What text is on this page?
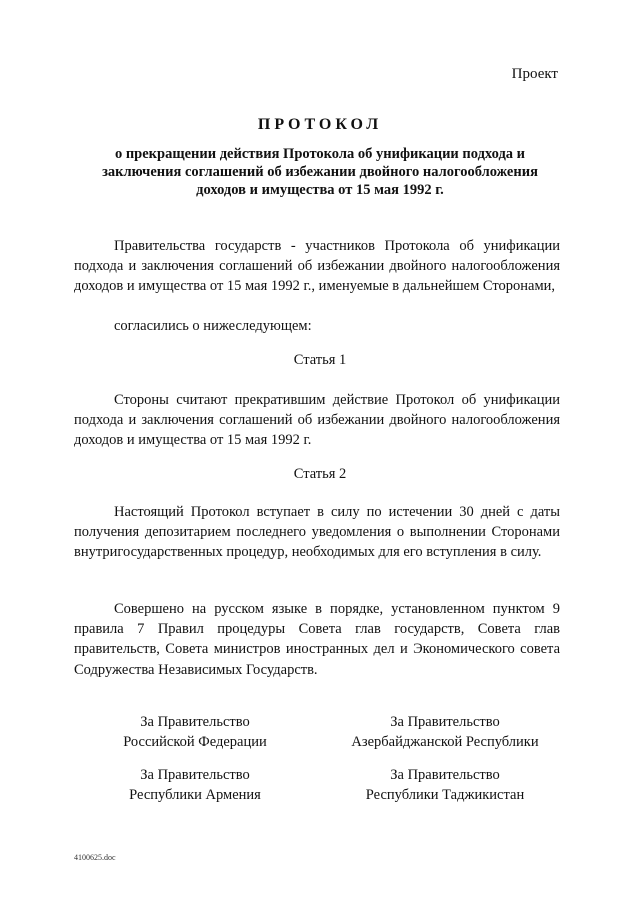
Проект
ПРОТОКОЛ
о прекращении действия Протокола об унификации подхода и заключения соглашений об избежании двойного налогообложения доходов и имущества от 15 мая 1992 г.
Правительства государств - участников Протокола об унификации подхода и заключения соглашений об избежании двойного налогообложения доходов и имущества от 15 мая 1992 г., именуемые в дальнейшем Сторонами,
согласились о нижеследующем:
Статья 1
Стороны считают прекратившим действие Протокол об унификации подхода и заключения соглашений об избежании двойного налогообложения доходов и имущества от 15 мая 1992 г.
Статья 2
Настоящий Протокол вступает в силу по истечении 30 дней с даты получения депозитарием последнего уведомления о выполнении Сторонами внутригосударственных процедур, необходимых для его вступления в силу.
Совершено на русском языке в порядке, установленном пунктом 9 правила 7 Правил процедуры Совета глав государств, Совета глав правительств, Совета министров иностранных дел и Экономического совета Содружества Независимых Государств.
За Правительство
Российской Федерации
За Правительство
Азербайджанской Республики
За Правительство
Республики Армения
За Правительство
Республики Таджикистан
4100625.doc
